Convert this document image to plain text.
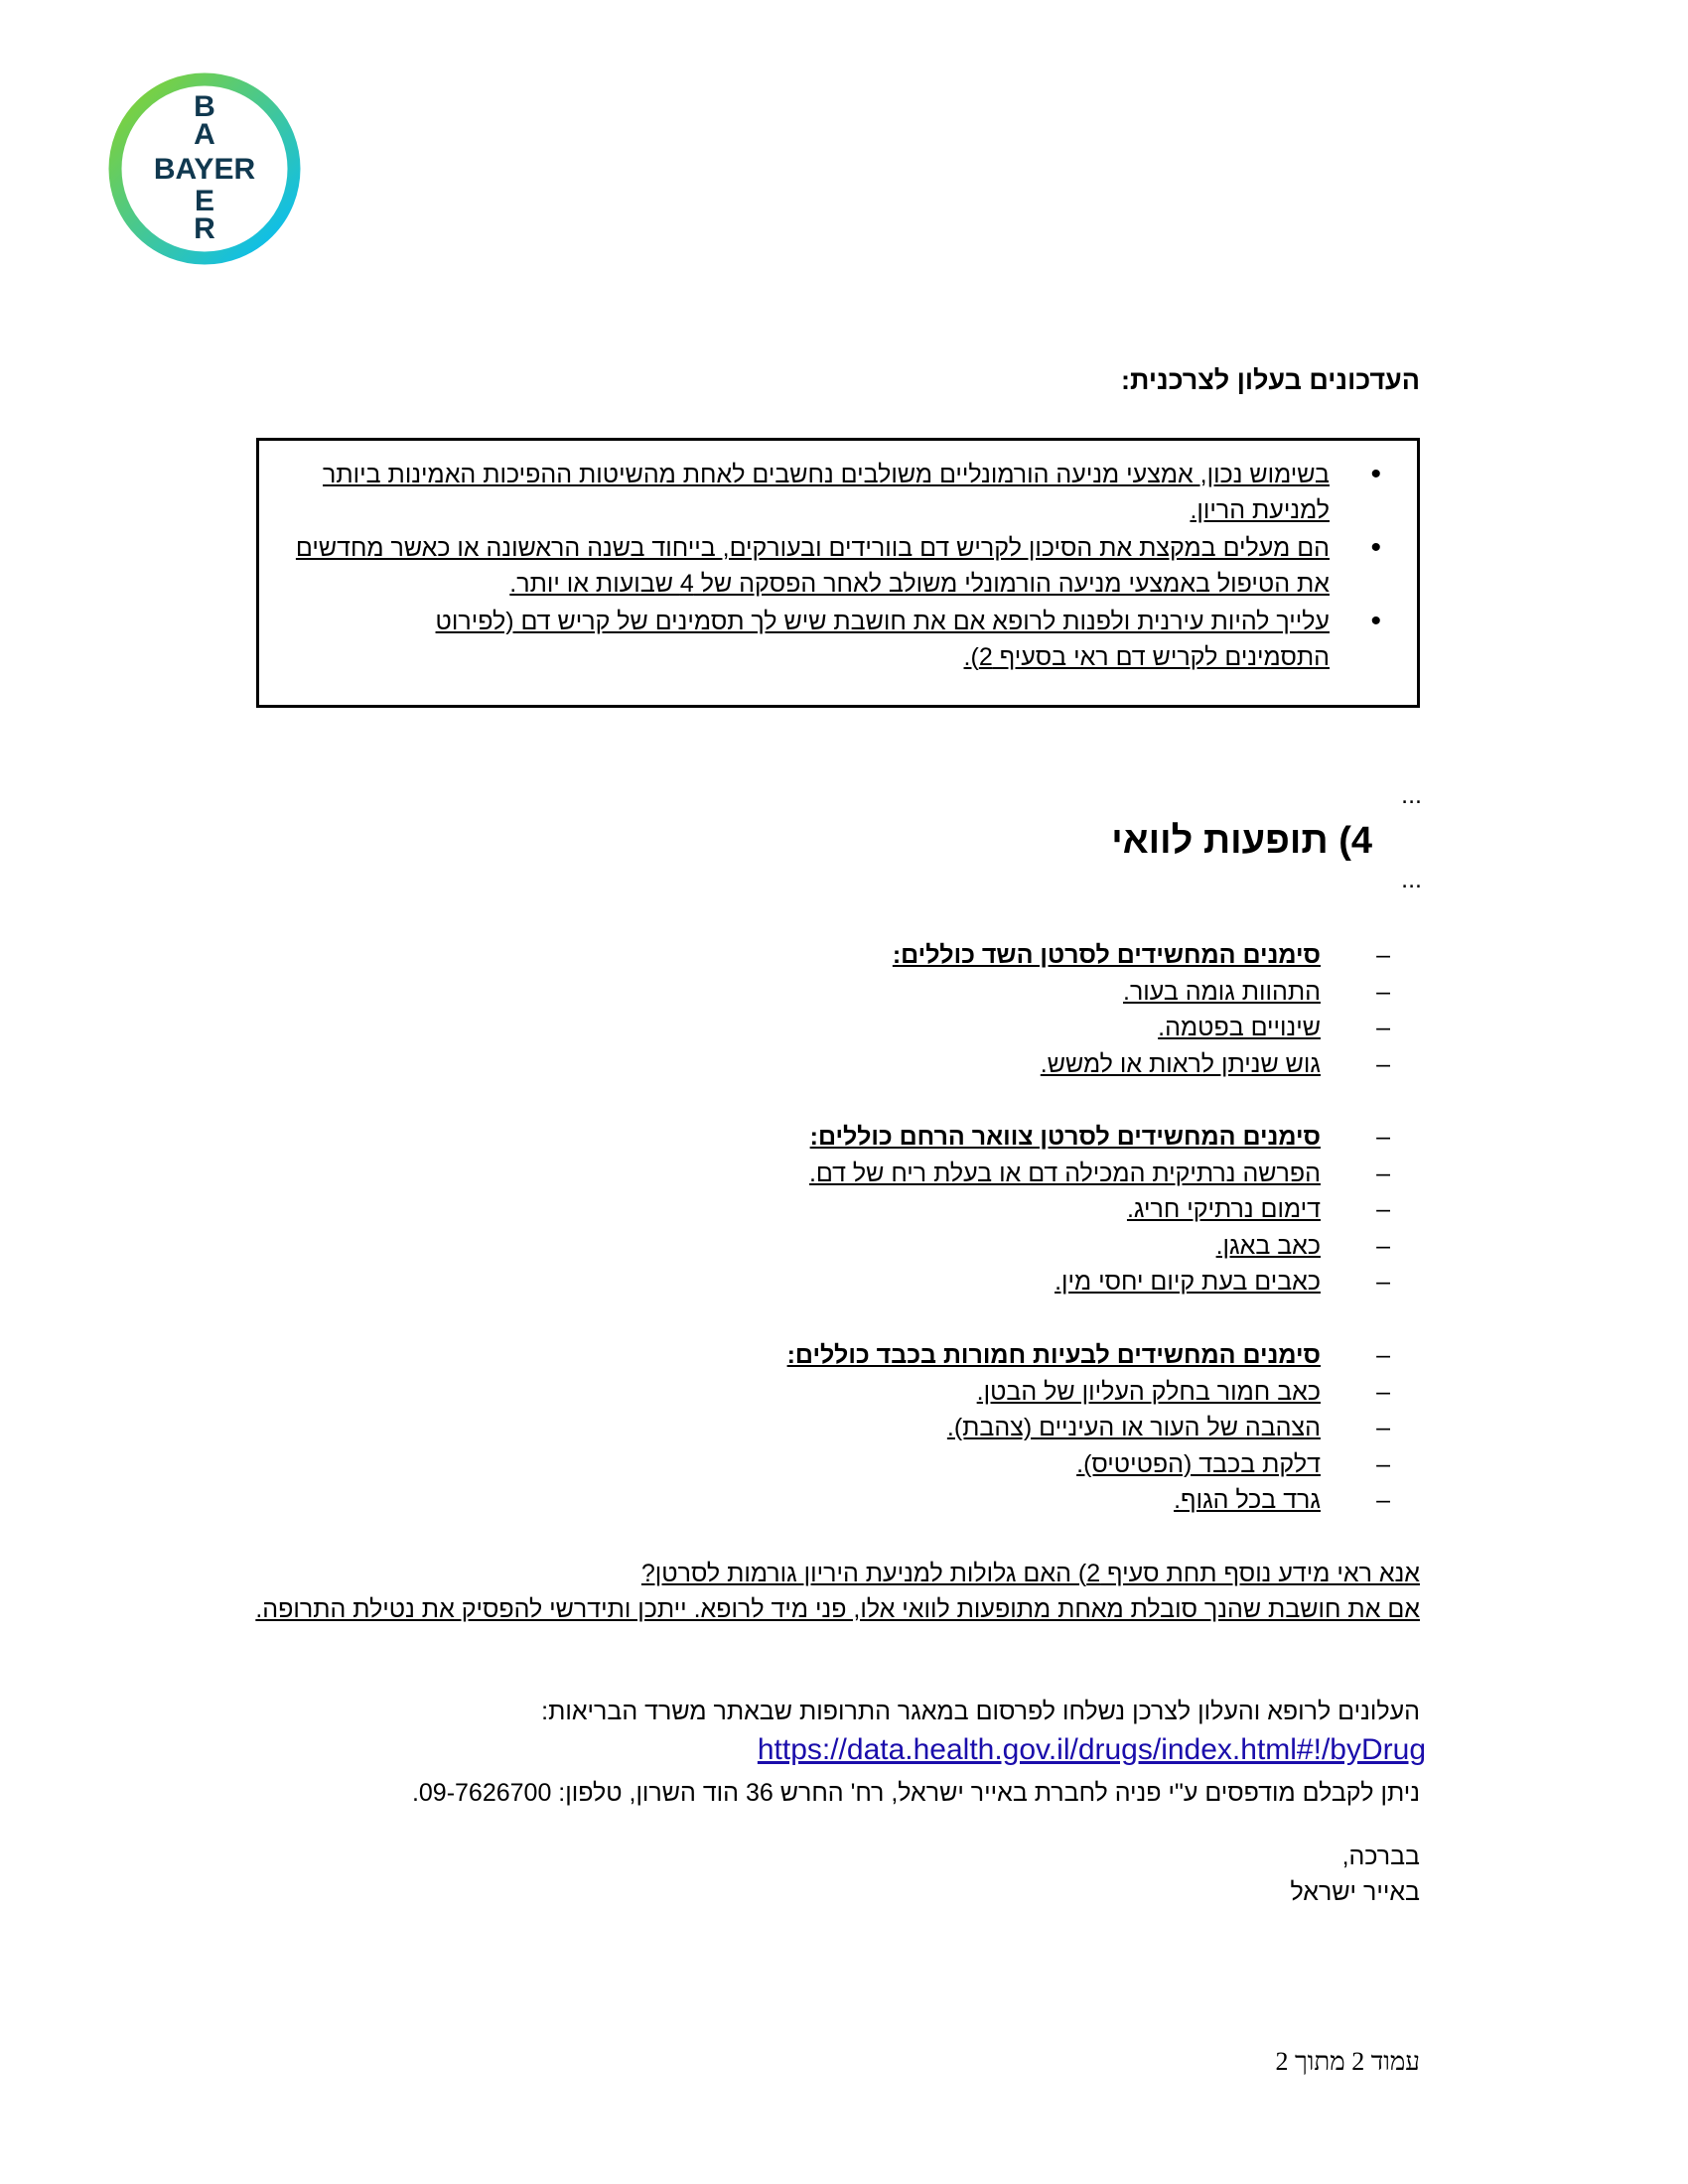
B
A
BAYER
E
R
העדכונים בעלון לצרכנית:
• בשימוש נכון, אמצעי מניעה הורמונליים משולבים נחשבים לאחת מהשיטות ההפיכות האמינות ביותר למניעת הריון.
• הם מעלים במקצת את הסיכון לקריש דם בוורידים ובעורקים, בייחוד בשנה הראשונה או כאשר מחדשים את הטיפול באמצעי מניעה הורמונלי משולב לאחר הפסקה של 4 שבועות או יותר.
• עלייך להיות עירנית ולפנות לרופא אם את חושבת שיש לך תסמינים של קריש דם (לפירוט התסמינים לקריש דם ראי בסעיף 2).
...
4) תופעות לוואי
...
– סימנים המחשידים לסרטן השד כוללים:
– התהוות גומה בעור.
– שינויים בפטמה.
– גוש שניתן לראות או למשש.
– סימנים המחשידים לסרטן צוואר הרחם כוללים:
– הפרשה נרתיקית המכילה דם או בעלת ריח של דם.
– דימום נרתיקי חריג.
– כאב באגן.
– כאבים בעת קיום יחסי מין.
– סימנים המחשידים לבעיות חמורות בכבד כוללים:
– כאב חמור בחלק העליון של הבטן.
– הצהבה של העור או העיניים (צהבת).
– דלקת בכבד (הפטיטיס).
– גרד בכל הגוף.
אנא ראי מידע נוסף תחת סעיף 2) האם גלולות למניעת היריון גורמות לסרטן?
אם את חושבת שהנך סובלת מאחת מתופעות לוואי אלו, פני מיד לרופא. ייתכן ותידרשי להפסיק את נטילת התרופה.
העלונים לרופא והעלון לצרכן נשלחו לפרסום במאגר התרופות שבאתר משרד הבריאות:
https://data.health.gov.il/drugs/index.html#!/byDrug
ניתן לקבלם מודפסים ע"י פניה לחברת באייר ישראל, רח' החרש 36 הוד השרון, טלפון: 09-7626700.
בברכה,
באייר ישראל
עמוד 2 מתוך 2
